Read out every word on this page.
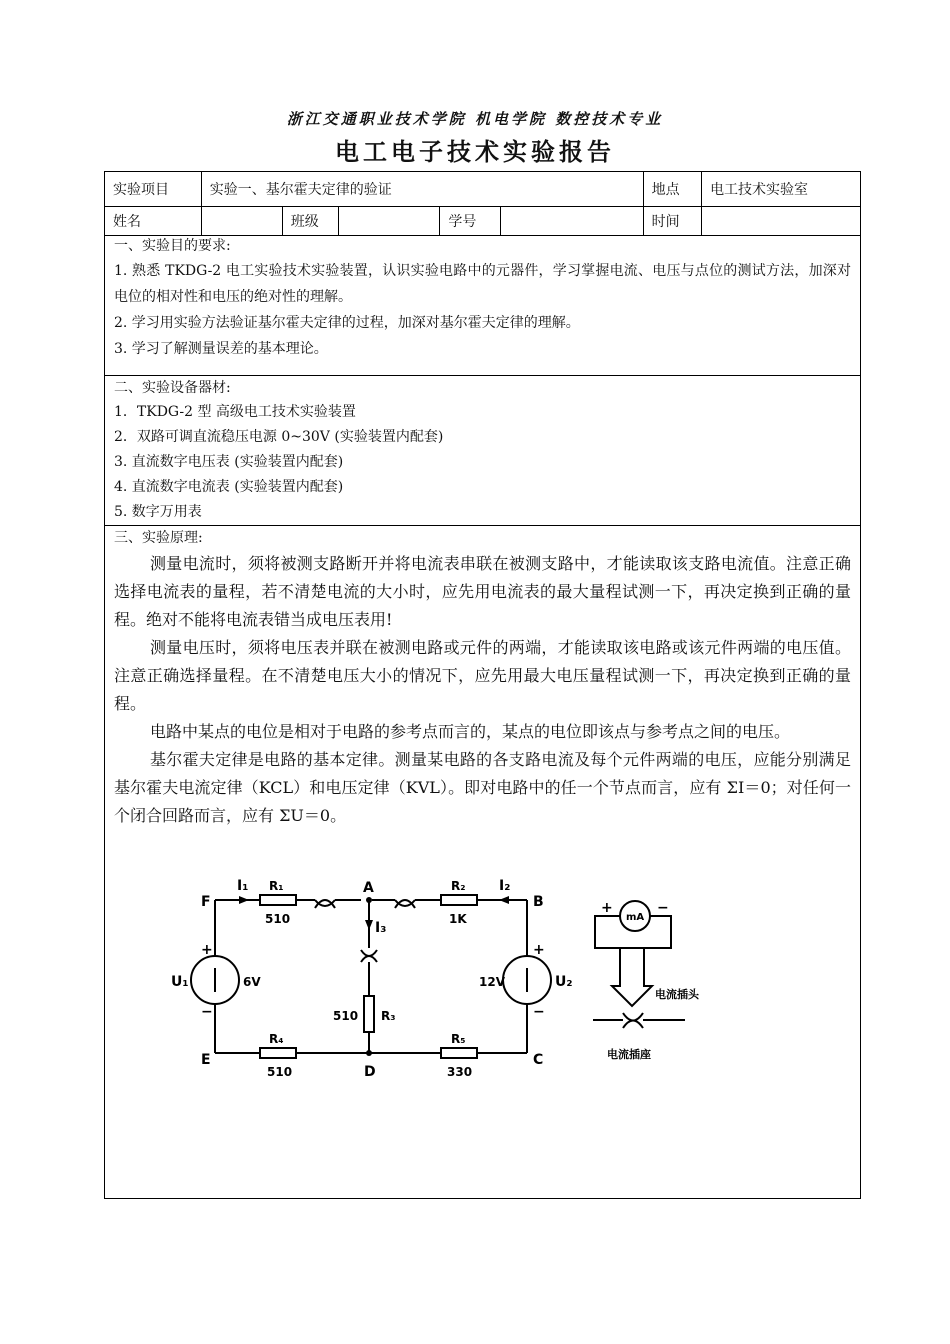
浙江交通职业技术学院 机电学院 数控技术专业
电工电子技术实验报告
实验项目	实验一、基尔霍夫定律的验证					地点	电工技术实验室
姓名		班级		学号		时间	
一、实验目的要求:
1. 熟悉 TKDG-2 电工实验技术实验装置，认识实验电路中的元器件，学习掌握电流、电压与点位的测试方法，加深对电位的相对性和电压的绝对性的理解。
2. 学习用实验方法验证基尔霍夫定律的过程，加深对基尔霍夫定律的理解。
3. 学习了解测量误差的基本理论。
二、实验设备器材:
1．TKDG-2 型 高级电工技术实验装置
2．双路可调直流稳压电源 0~30V (实验装置内配套)
3. 直流数字电压表 (实验装置内配套)
4. 直流数字电流表 (实验装置内配套)
5. 数字万用表
三、实验原理:
测量电流时，须将被测支路断开并将电流表串联在被测支路中，才能读取该支路电流值。注意正确选择电流表的量程，若不清楚电流的大小时，应先用电流表的最大量程试测一下，再决定换到正确的量程。绝对不能将电流表错当成电压表用!
测量电压时，须将电压表并联在被测电路或元件的两端，才能读取该电路或该元件两端的电压值。注意正确选择量程。在不清楚电压大小的情况下，应先用最大电压量程试测一下，再决定换到正确的量程。
电路中某点的电位是相对于电路的参考点而言的，某点的电位即该点与参考点之间的电压。
基尔霍夫定律是电路的基本定律。测量某电路的各支路电流及每个元件两端的电压，应能分别满足基尔霍夫电流定律（KCL）和电压定律（KVL）。即对电路中的任一个节点而言，应有 ΣI＝0；对任何一个闭合回路而言，应有 ΣU＝0。
F
A
B
E
D
C
I₁	I₂
I₃
R₁
510
R₂
1K
R₃
510
R₄
510
R₅
330
U₁	6V
+
−
U₂
12V
+
−
+	−
mA
电流插头
电流插座
